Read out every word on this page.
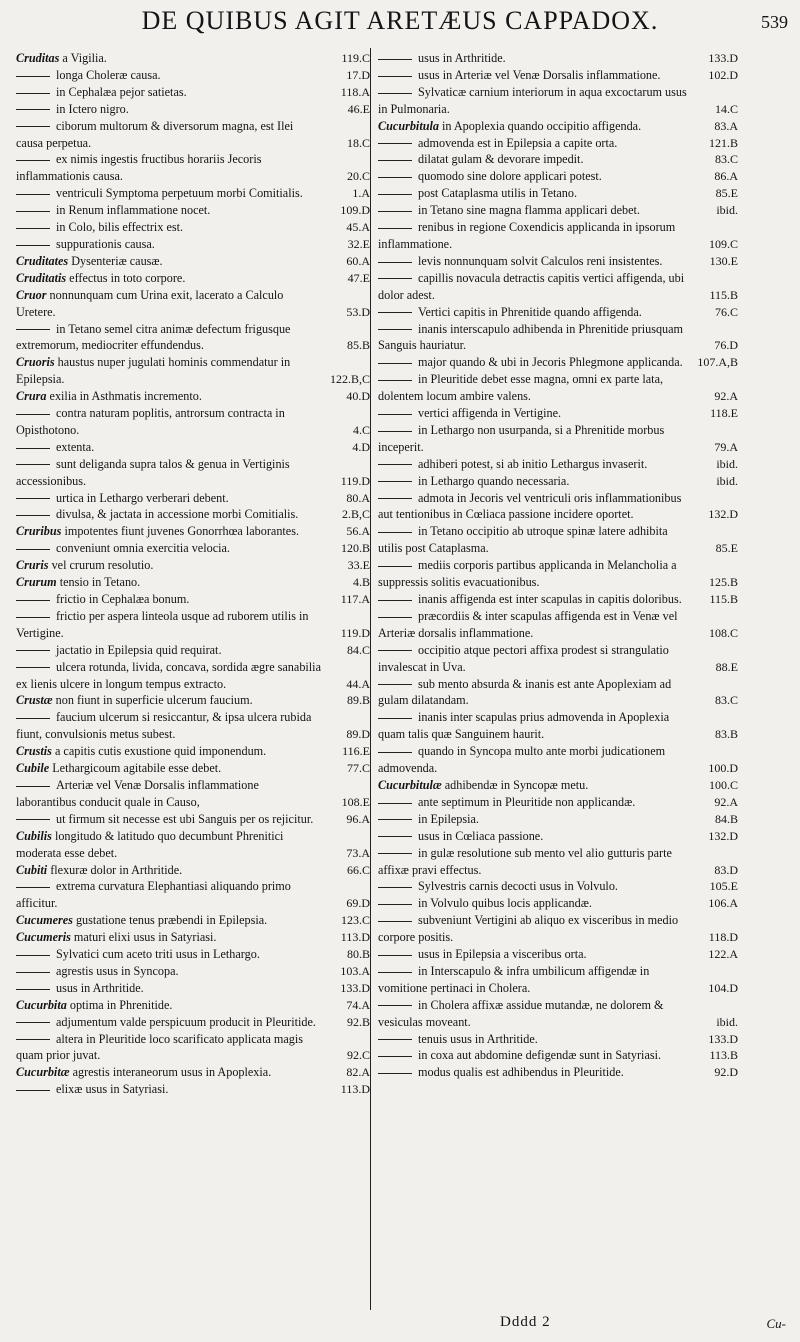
DE QUIBUS AGIT ARETÆUS CAPPADOX.	539
Cruditas a Vigilia.	119.C
longa Choleræ causa.	17.D
in Cephalæa pejor satietas.	118.A
in Ictero nigro.	46.E
ciborum multorum & diversorum magna, est Ilei causa perpetua.	18.C
ex nimis ingestis fructibus horariis Jecoris inflammationis causa.	20.C
ventriculi Symptoma perpetuum morbi Comitialis.	1.A
in Renum inflammatione nocet.	109.D
in Colo, bilis effectrix est.	45.A
suppurationis causa.	32.E
Cruditates Dysenteriæ causæ.	60.A
Cruditatis effectus in toto corpore.	47.E
Cruor nonnunquam cum Urina exit, lacerato a Calculo Uretere.	53.D
in Tetano semel citra animæ defectum frigusque extremorum, mediocriter effundendus.	85.B
Cruoris haustus nuper jugulati hominis commendatur in Epilepsia.	122.B,C
Crura exilia in Asthmatis incremento.	40.D
contra naturam poplitis, antrorsum contracta in Opisthotono.	4.C
extenta.	4.D
sunt deliganda supra talos & genua in Vertiginis accessionibus.	119.D
urtica in Lethargo verberari debent.	80.A
divulsa, & jactata in accessione morbi Comitialis.	2.B,C
Cruribus impotentes fiunt juvenes Gonorrhœa laborantes.	56.A
conveniunt omnia exercitia velocia.	120.B
Cruris vel crurum resolutio.	33.E
Crurum tensio in Tetano.	4.B
frictio in Cephalæa bonum.	117.A
frictio per aspera linteola usque ad ruborem utilis in Vertigine.	119.D
jactatio in Epilepsia quid requirat.	84.C
ulcera rotunda, livida, concava, sordida ægre sanabilia ex lienis ulcere in longum tempus extracto.	44.A
Crustæ non fiunt in superficie ulcerum faucium.	89.B
faucium ulcerum si resiccantur, & ipsa ulcera rubida fiunt, convulsionis metus subest.	89.D
Crustis a capitis cutis exustione quid imponendum.	116.E
Cubile Lethargicoum agitabile esse debet.	77.C
Arteriæ vel Venæ Dorsalis inflammatione laborantibus conducit quale in Causo,	108.E
ut firmum sit necesse est ubi Sanguis per os rejicitur.	96.A
Cubilis longitudo & latitudo quo decumbunt Phrenitici moderata esse debet.	73.A
Cubiti flexuræ dolor in Arthritide.	66.C
extrema curvatura Elephantiasi aliquando primo afficitur.	69.D
Cucumeres gustatione tenus præbendi in Epilepsia.	123.C
Cucumeris maturi elixi usus in Satyriasi.	113.D
Sylvatici cum aceto triti usus in Lethargo.	80.B
agrestis usus in Syncopa.	103.A
usus in Arthritide.	133.D
Cucurbita optima in Phrenitide.	74.A
adjumentum valde perspicuum producit in Pleuritide.	92.B
altera in Pleuritide loco scarificato applicata magis quam prior juvat.	92.C
Cucurbitæ agrestis interaneorum usus in Apoplexia.	82.A
elixæ usus in Satyriasi.	113.D
usus in Arthritide.	133.D
usus in Arteriæ vel Venæ Dorsalis inflammatione.	102.D
Sylvaticæ carnium interiorum in aqua excoctarum usus in Pulmonaria.	14.C
Cucurbitula in Apoplexia quando occipitio affigenda.	83.A
admovenda est in Epilepsia a capite orta.	121.B
dilatat gulam & devorare impedit.	83.C
quomodo sine dolore applicari potest.	86.A
post Cataplasma utilis in Tetano.	85.E
in Tetano sine magna flamma applicari debet.	ibid.
renibus in regione Coxendicis applicanda in ipsorum inflammatione.	109.C
levis nonnunquam solvit Calculos reni insistentes.	130.E
capillis novacula detractis capitis vertici affigenda, ubi dolor adest.	115.B
Vertici capitis in Phrenitide quando affigenda.	76.C
inanis interscapulo adhibenda in Phrenitide priusquam Sanguis hauriatur.	76.D
major quando & ubi in Jecoris Phlegmone applicanda.	107.A,B
in Pleuritide debet esse magna, omni ex parte lata, dolentem locum ambire valens.	92.A
vertici affigenda in Vertigine.	118.E
in Lethargo non usurpanda, si a Phrenitide morbus inceperit.	79.A
adhiberi potest, si ab initio Lethargus invaserit.	ibid.
in Lethargo quando necessaria.	ibid.
admota in Jecoris vel ventriculi oris inflammationibus aut tentionibus in Cœliaca passione incidere oportet.	132.D
in Tetano occipitio ab utroque spinæ latere adhibita utilis post Cataplasma.	85.E
mediis corporis partibus applicanda in Melancholia a suppressis solitis evacuationibus.	125.B
inanis affigenda est inter scapulas in capitis doloribus.	115.B
præcordiis & inter scapulas affigenda est in Venæ vel Arteriæ dorsalis inflammatione.	108.C
occipitio atque pectori affixa prodest si strangulatio invalescat in Uva.	88.E
sub mento absurda & inanis est ante Apoplexiam ad gulam dilatandam.	83.C
inanis inter scapulas prius admovenda in Apoplexia quam talis quæ Sanguinem haurit.	83.B
quando in Syncopa multo ante morbi judicationem admovenda.	100.D
Cucurbitulæ adhibendæ in Syncopæ metu.	100.C
ante septimum in Pleuritide non applicandæ.	92.A
in Epilepsia.	84.B
usus in Cœliaca passione.	132.D
in gulæ resolutione sub mento vel alio gutturis parte affixæ pravi effectus.	83.D
Sylvestris carnis decocti usus in Volvulo.	105.E
in Volvulo quibus locis applicandæ.	106.A
subveniunt Vertigini ab aliquo ex visceribus in medio corpore positis.	118.D
usus in Epilepsia a visceribus orta.	122.A
in Interscapulo & infra umbilicum affigendæ in vomitione pertinaci in Cholera.	104.D
in Cholera affixæ assidue mutandæ, ne dolorem & vesiculas moveant.	ibid.
tenuis usus in Arthritide.	133.D
in coxa aut abdomine defigendæ sunt in Satyriasi.	113.B
modus qualis est adhibendus in Pleuritide.	92.D
Dddd 2	Cu-
